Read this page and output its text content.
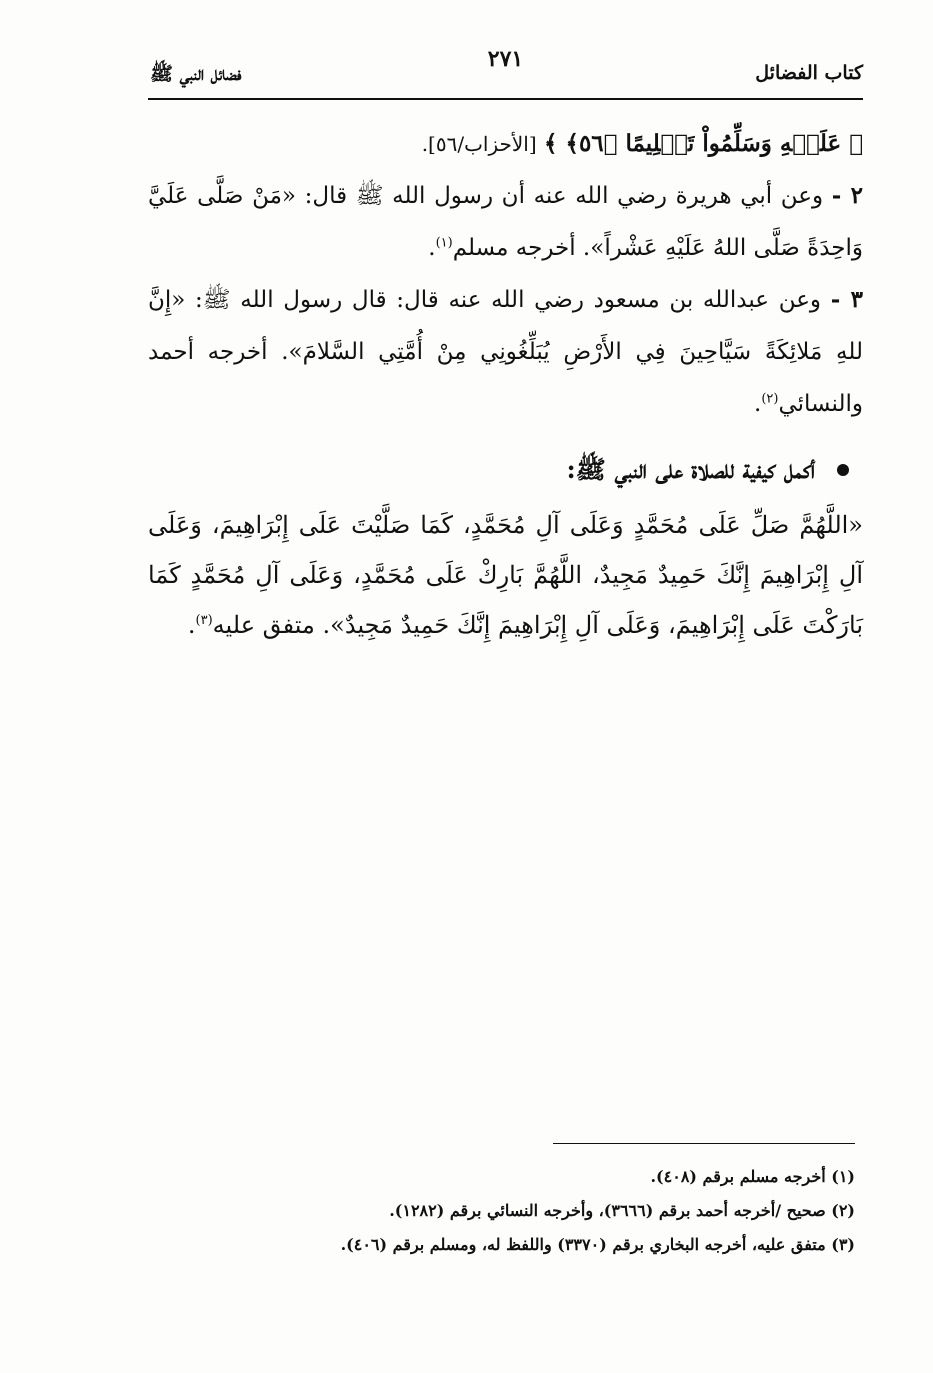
كتاب الفضائل
٢٧١
فضائل النبي ﷺ

﴿ عَلَيۡهِ وَسَلِّمُواْ تَسۡلِيمًا ﴿٥٦﴾ ﴾ [الأحزاب/٥٦].

٢ - وعن أبي هريرة رضي الله عنه أن رسول الله ﷺ قال: «مَنْ صَلَّى عَلَيَّ وَاحِدَةً صَلَّى اللهُ عَلَيْهِ عَشْراً». أخرجه مسلم$^{(١)}$.

٣ - وعن عبدالله بن مسعود رضي الله عنه قال: قال رسول الله ﷺ: «إِنَّ للهِ مَلائِكَةً سَيَّاحِينَ فِي الأَرْضِ يُبَلِّغُونِي مِنْ أُمَّتِي السَّلامَ». أخرجه أحمد والنسائي$^{(٢)}$.

أكمل كيفية للصلاة على النبي ﷺ:

«اللَّهُمَّ صَلِّ عَلَى مُحَمَّدٍ وَعَلَى آلِ مُحَمَّدٍ، كَمَا صَلَّيْتَ عَلَى إِبْرَاهِيمَ، وَعَلَى آلِ إِبْرَاهِيمَ إِنَّكَ حَمِيدٌ مَجِيدٌ، اللَّهُمَّ بَارِكْ عَلَى مُحَمَّدٍ، وَعَلَى آلِ مُحَمَّدٍ كَمَا بَارَكْتَ عَلَى إِبْرَاهِيمَ، وَعَلَى آلِ إِبْرَاهِيمَ إِنَّكَ حَمِيدٌ مَجِيدٌ». متفق عليه$^{(٣)}$.

(١) أخرجه مسلم برقم (٤٠٨).

(٢) صحيح /أخرجه أحمد برقم (٣٦٦٦)، وأخرجه النسائي برقم (١٢٨٢).

(٣) متفق عليه، أخرجه البخاري برقم (٣٣٧٠) واللفظ له، ومسلم برقم (٤٠٦).
